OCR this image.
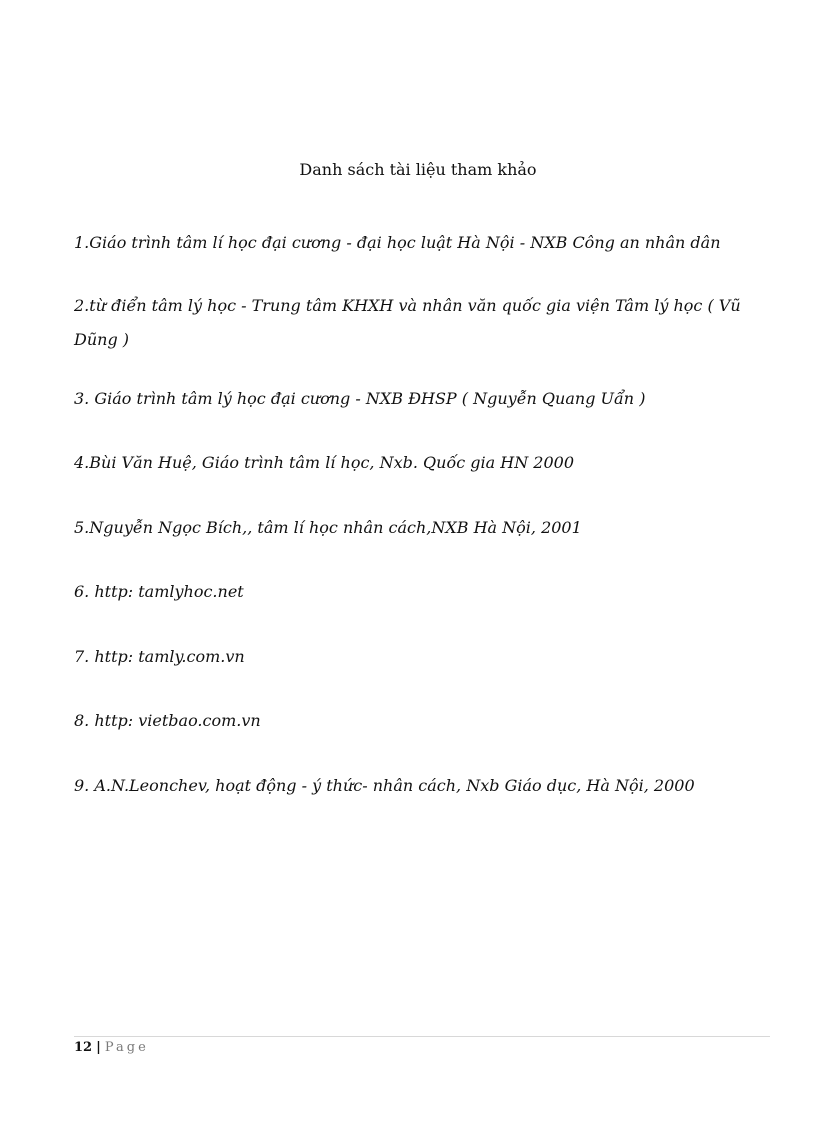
Danh sách tài liệu tham khảo
1.Giáo trình tâm lí học đại cương - đại học luật Hà Nội - NXB Công an nhân dân
2.từ điển tâm lý học - Trung tâm KHXH và nhân văn quốc gia viện Tâm lý học ( Vũ Dũng )
3. Giáo trình tâm lý học đại cương - NXB ĐHSP ( Nguyễn Quang Uẩn )
4.Bùi Văn Huệ, Giáo trình tâm lí học, Nxb. Quốc gia HN 2000
5.Nguyễn Ngọc Bích,, tâm lí học nhân cách,NXB Hà Nội, 2001
6. http: tamlyhoc.net
7. http: tamly.com.vn
8. http: vietbao.com.vn
9. A.N.Leonchev, hoạt động - ý thức- nhân cách, Nxb Giáo dục, Hà Nội, 2000
12 | Page
